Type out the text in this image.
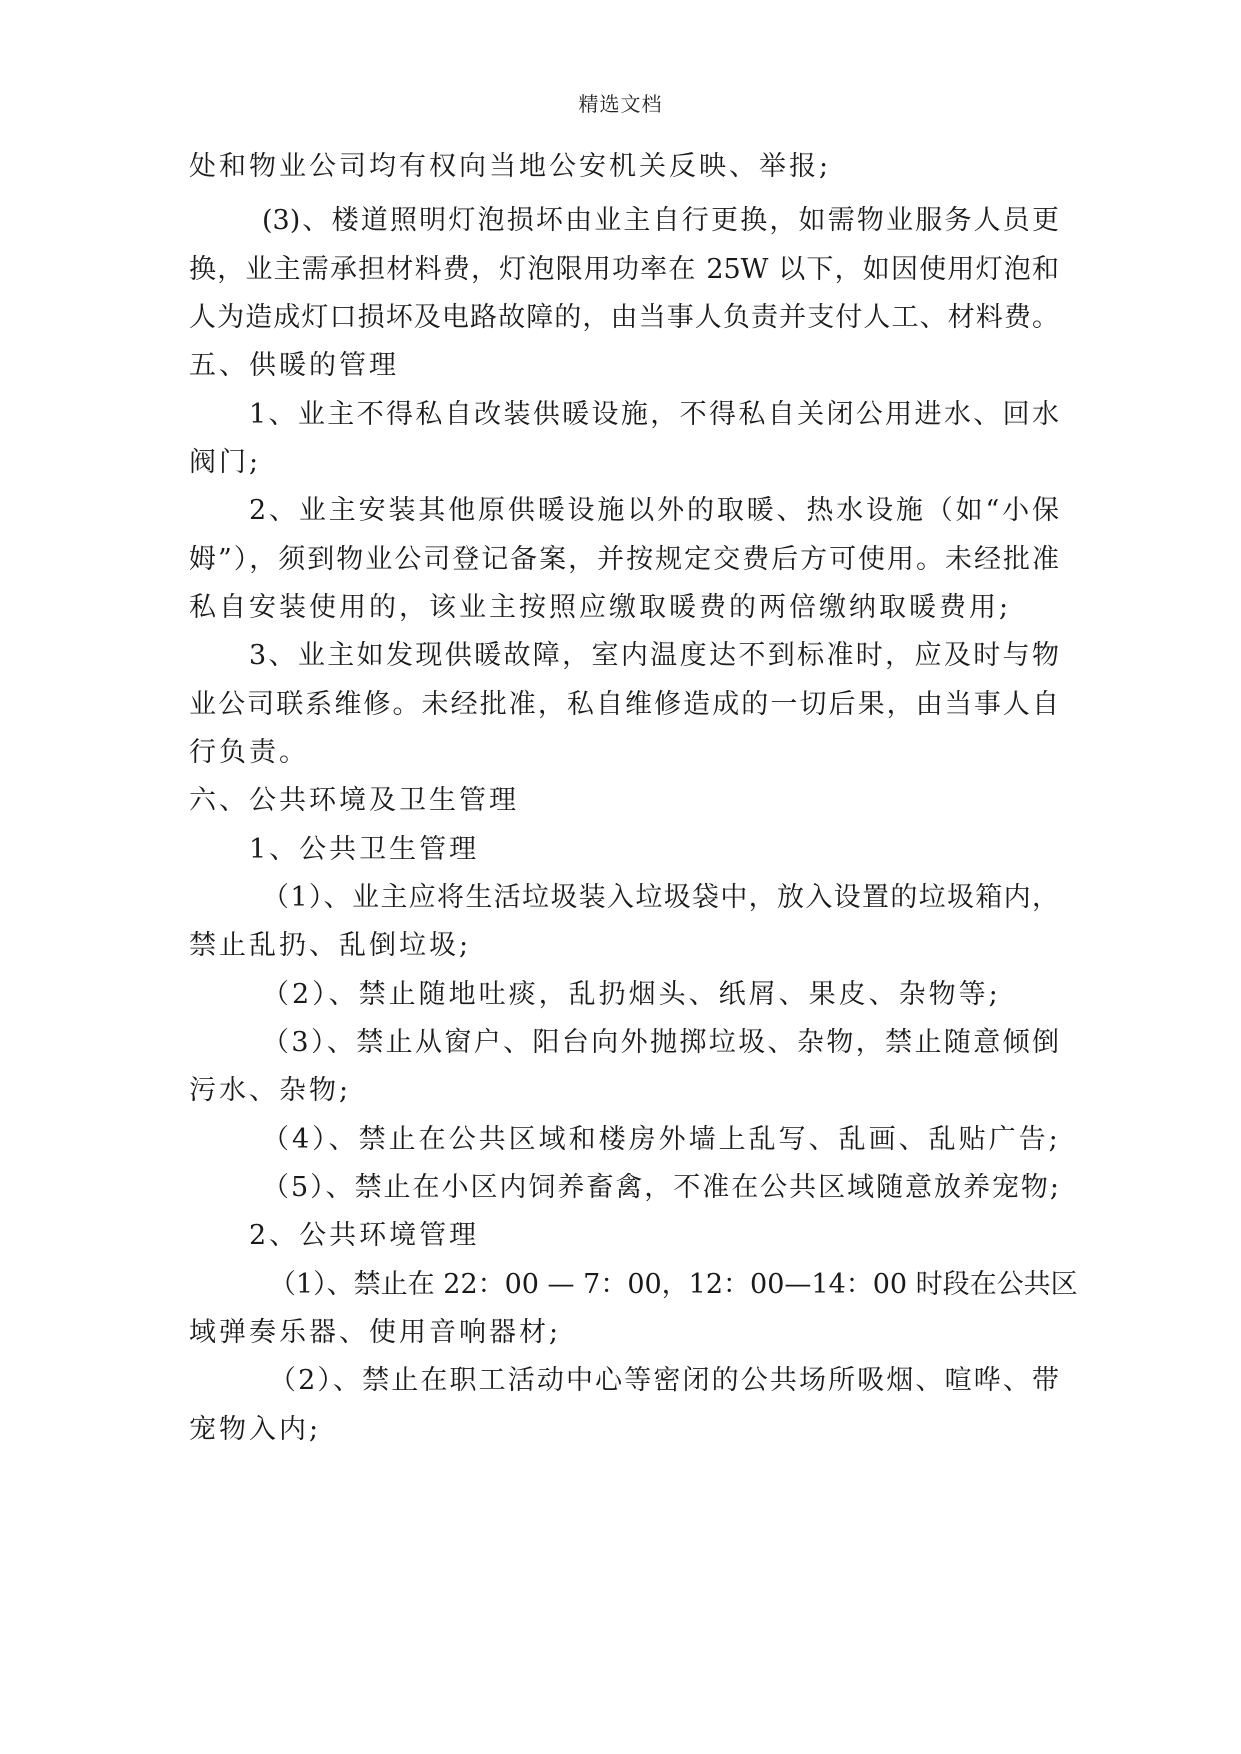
精选文档
处和物业公司均有权向当地公安机关反映、举报;
(3)、楼道照明灯泡损坏由业主自行更换，如需物业服务人员更
换，业主需承担材料费，灯泡限用功率在 25W 以下，如因使用灯泡和
人为造成灯口损坏及电路故障的，由当事人负责并支付人工、材料费。
五、供暖的管理
1、业主不得私自改装供暖设施，不得私自关闭公用进水、回水
阀门;
2、业主安装其他原供暖设施以外的取暖、热水设施（如“小保
姆”），须到物业公司登记备案，并按规定交费后方可使用。未经批准
私自安装使用的，该业主按照应缴取暖费的两倍缴纳取暖费用;
3、业主如发现供暖故障，室内温度达不到标准时，应及时与物
业公司联系维修。未经批准，私自维修造成的一切后果，由当事人自
行负责。
六、公共环境及卫生管理
1、公共卫生管理
（1）、业主应将生活垃圾装入垃圾袋中，放入设置的垃圾箱内，
禁止乱扔、乱倒垃圾;
（2）、禁止随地吐痰，乱扔烟头、纸屑、果皮、杂物等;
（3）、禁止从窗户、阳台向外抛掷垃圾、杂物，禁止随意倾倒
污水、杂物;
（4）、禁止在公共区域和楼房外墙上乱写、乱画、乱贴广告;
（5）、禁止在小区内饲养畜禽，不准在公共区域随意放养宠物;
2、公共环境管理
（1）、禁止在 22：00 — 7：00，12：00—14：00 时段在公共区
域弹奏乐器、使用音响器材;
（2）、禁止在职工活动中心等密闭的公共场所吸烟、喧哗、带
宠物入内;
